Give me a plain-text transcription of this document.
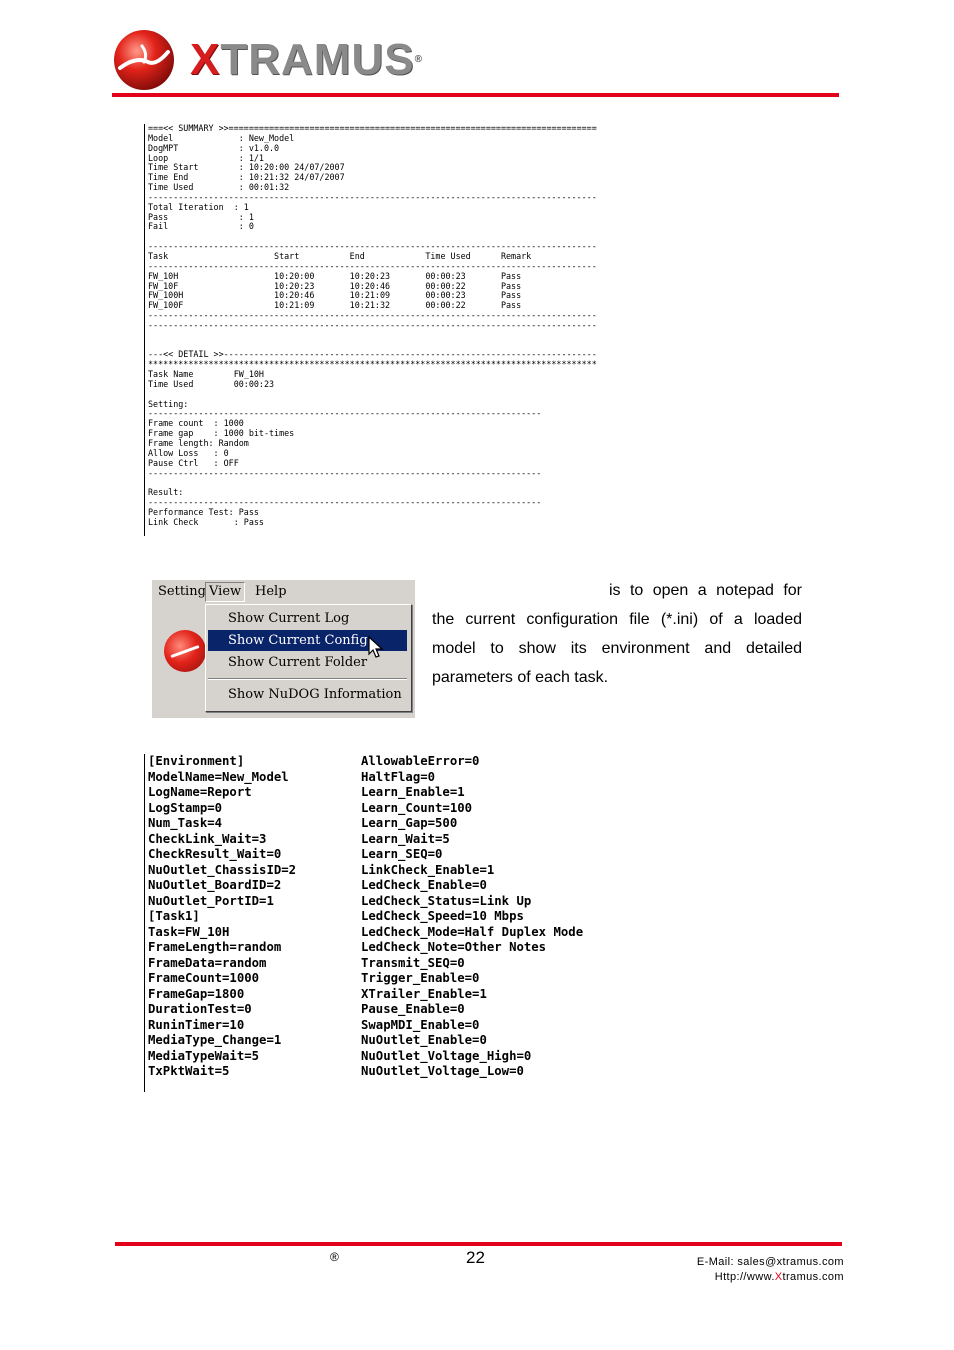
XTRAMUS®
===<< SUMMARY >>=========================================================================
Model             : New_Model
DogMPT            : v1.0.0
Loop              : 1/1
Time Start        : 10:20:00 24/07/2007
Time End          : 10:21:32 24/07/2007
Time Used         : 00:01:32
-----------------------------------------------------------------------------------------
Total Iteration  : 1
Pass              : 1
Fail              : 0
-----------------------------------------------------------------------------------------
Task                     Start          End            Time Used      Remark
-----------------------------------------------------------------------------------------
FW_10H                   10:20:00       10:20:23       00:00:23       Pass
FW_10F                   10:20:23       10:20:46       00:00:22       Pass
FW_100H                  10:20:46       10:21:09       00:00:23       Pass
FW_100F                  10:21:09       10:21:32       00:00:22       Pass
-----------------------------------------------------------------------------------------
-----------------------------------------------------------------------------------------
---<< DETAIL >>--------------------------------------------------------------------------
*****************************************************************************************
Task Name        FW_10H
Time Used        00:00:23
Setting:
------------------------------------------------------------------------------
Frame count  : 1000
Frame gap    : 1000 bit-times
Frame length: Random
Allow Loss   : 0
Pause Ctrl   : OFF
------------------------------------------------------------------------------
Result:
------------------------------------------------------------------------------
Performance Test: Pass
Link Check       : Pass
Setting View	Help
Show Current Log
Show Current Config
Show Current Folder
Show NuDOG Information
is to open a notepad for the current configuration file (*.ini) of a loaded model to show its environment and detailed parameters of each task.
[Environment]
ModelName=New_Model
LogName=Report
LogStamp=0
Num_Task=4
CheckLink_Wait=3
CheckResult_Wait=0
NuOutlet_ChassisID=2
NuOutlet_BoardID=2
NuOutlet_PortID=1
[Task1]
Task=FW_10H
FrameLength=random
FrameData=random
FrameCount=1000
FrameGap=1800
DurationTest=0
RuninTimer=10
MediaType_Change=1
MediaTypeWait=5
TxPktWait=5
AllowableError=0
HaltFlag=0
Learn_Enable=1
Learn_Count=100
Learn_Gap=500
Learn_Wait=5
Learn_SEQ=0
LinkCheck_Enable=1
LedCheck_Enable=0
LedCheck_Status=Link Up
LedCheck_Speed=10 Mbps
LedCheck_Mode=Half Duplex Mode
LedCheck_Note=Other Notes
Transmit_SEQ=0
Trigger_Enable=0
XTrailer_Enable=1
Pause_Enable=0
SwapMDI_Enable=0
NuOutlet_Enable=0
NuOutlet_Voltage_High=0
NuOutlet_Voltage_Low=0
®	22	E-Mail: sales@xtramus.com
Http://www.Xtramus.com
